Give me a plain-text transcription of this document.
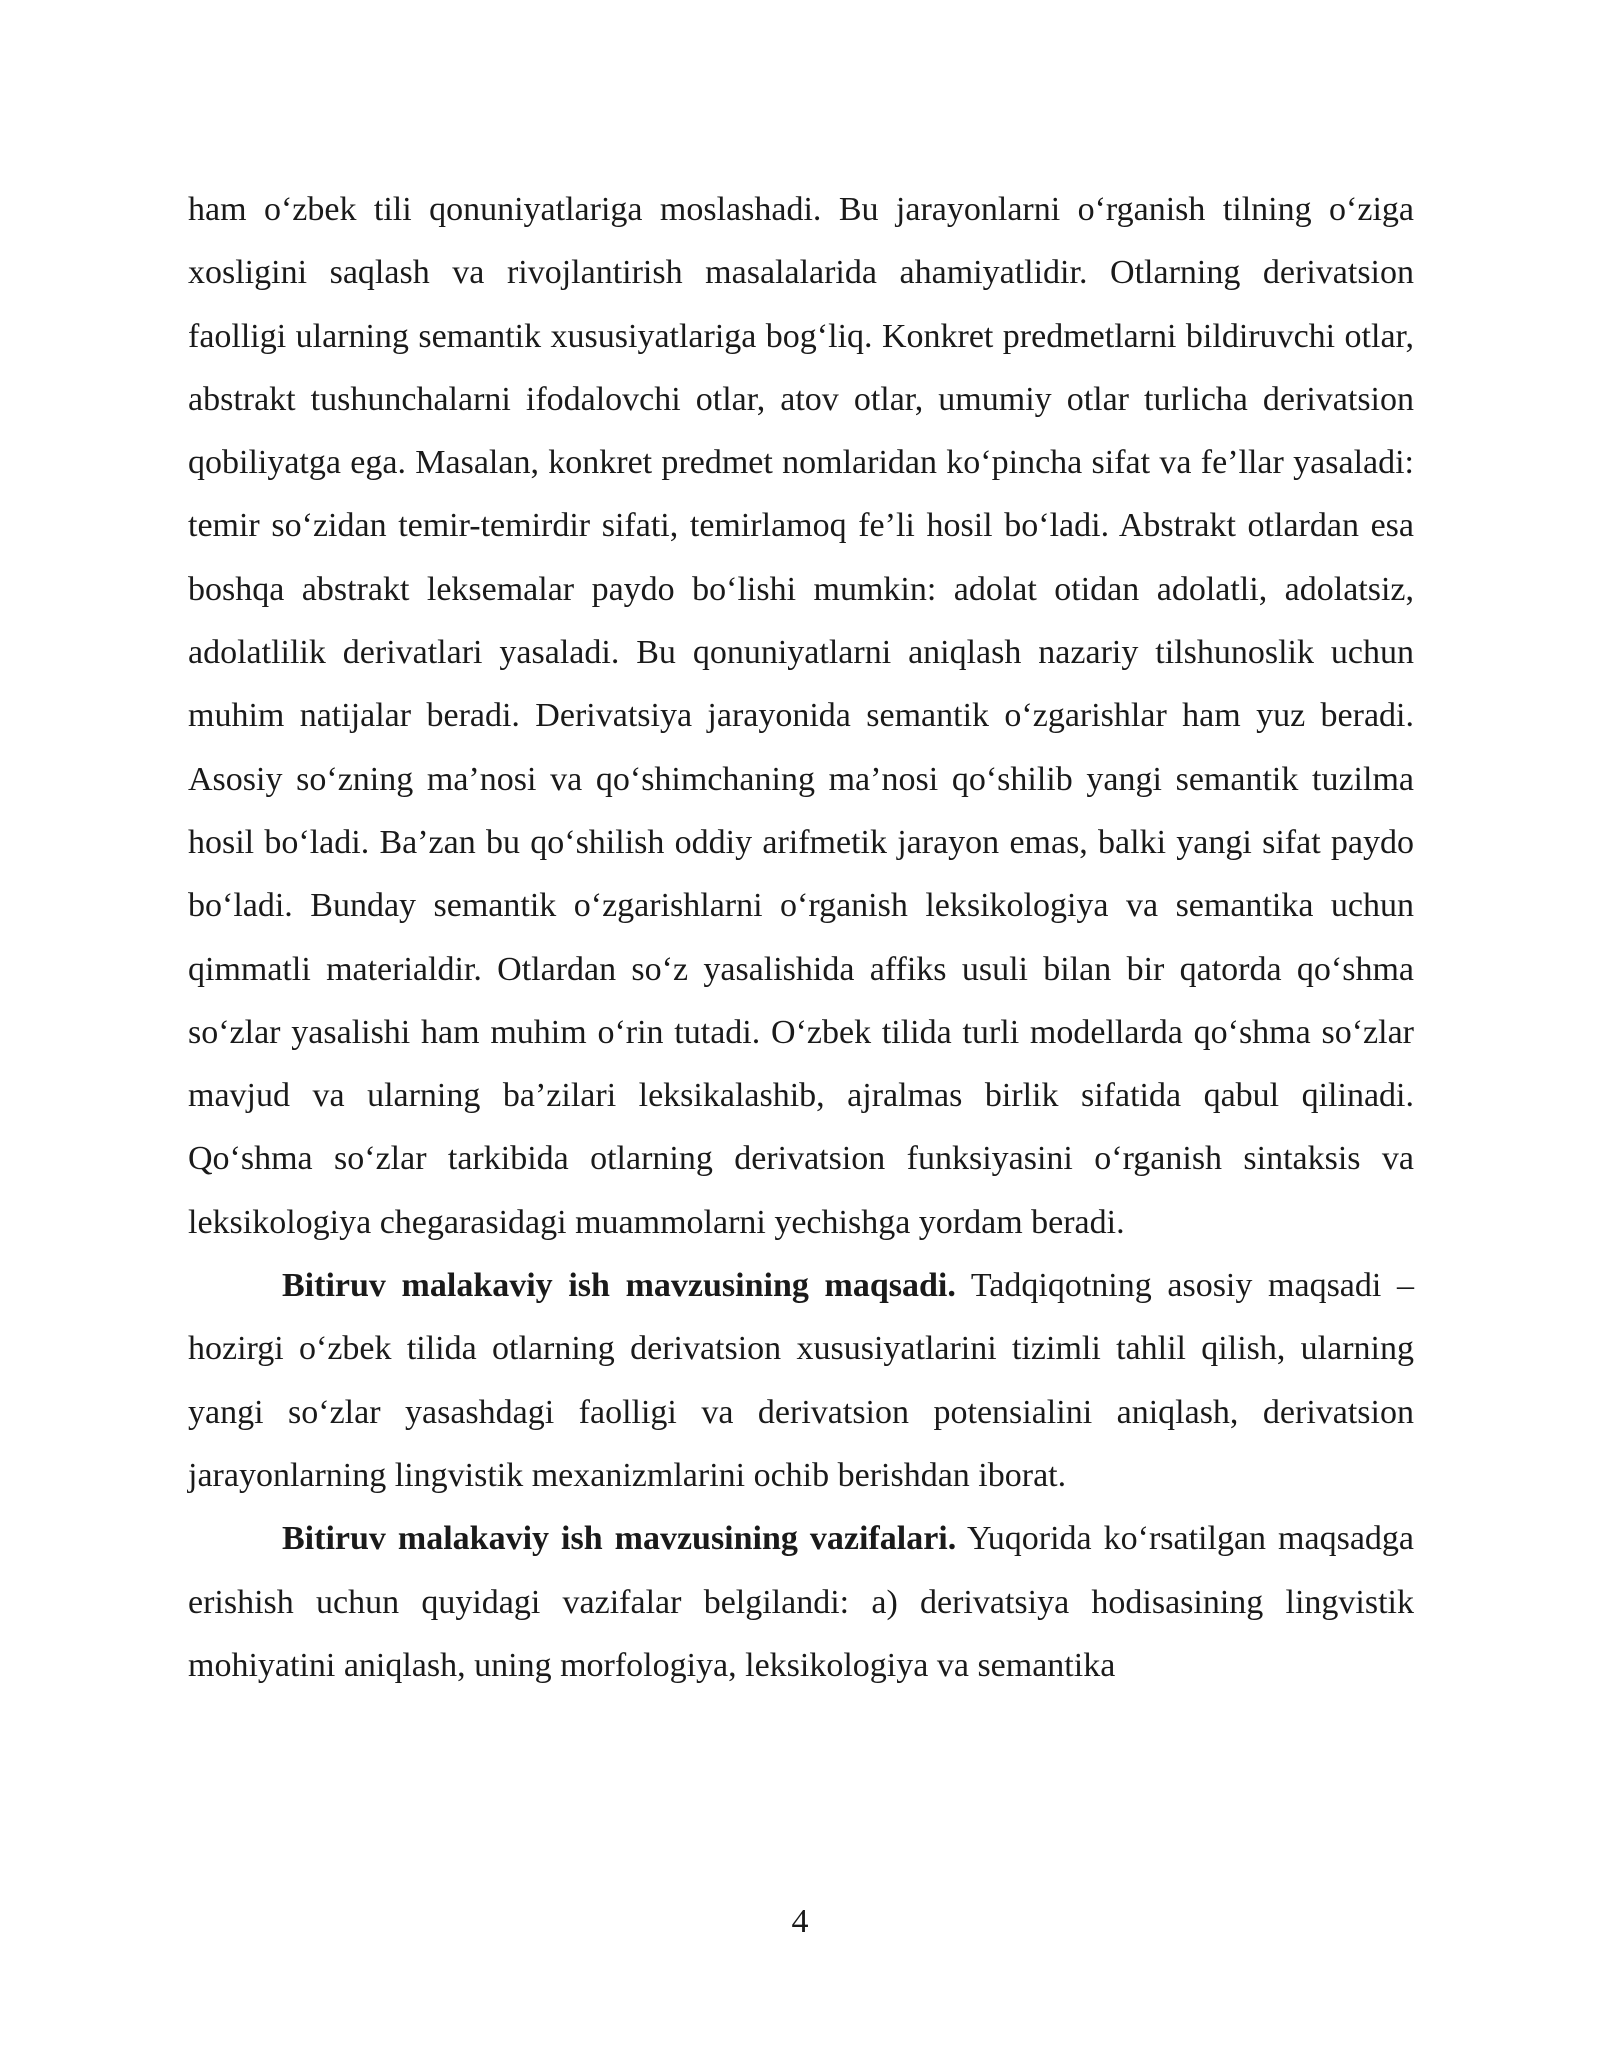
ham o‘zbek tili qonuniyatlariga moslashadi. Bu jarayonlarni o‘rganish tilning o‘ziga xosligini saqlash va rivojlantirish masalalarida ahamiyatlidir. Otlarning derivatsion faolligi ularning semantik xususiyatlariga bog‘liq. Konkret predmetlarni bildiruvchi otlar, abstrakt tushunchalarni ifodalovchi otlar, atov otlar, umumiy otlar turlicha derivatsion qobiliyatga ega. Masalan, konkret predmet nomlaridan ko‘pincha sifat va fe’llar yasaladi: temir so‘zidan temir-temirdir sifati, temirlamoq fe’li hosil bo‘ladi. Abstrakt otlardan esa boshqa abstrakt leksemalar paydo bo‘lishi mumkin: adolat otidan adolatli, adolatsiz, adolatlilik derivatlari yasaladi. Bu qonuniyatlarni aniqlash nazariy tilshunoslik uchun muhim natijalar beradi. Derivatsiya jarayonida semantik o‘zgarishlar ham yuz beradi. Asosiy so‘zning ma’nosi va qo‘shimchaning ma’nosi qo‘shilib yangi semantik tuzilma hosil bo‘ladi. Ba’zan bu qo‘shilish oddiy arifmetik jarayon emas, balki yangi sifat paydo bo‘ladi. Bunday semantik o‘zgarishlarni o‘rganish leksikologiya va semantika uchun qimmatli materialdir. Otlardan so‘z yasalishida affiks usuli bilan bir qatorda qo‘shma so‘zlar yasalishi ham muhim o‘rin tutadi. O‘zbek tilida turli modellarda qo‘shma so‘zlar mavjud va ularning ba’zilari leksikalashib, ajralmas birlik sifatida qabul qilinadi. Qo‘shma so‘zlar tarkibida otlarning derivatsion funksiyasini o‘rganish sintaksis va leksikologiya chegarasidagi muammolarni yechishga yordam beradi.

Bitiruv malakaviy ish mavzusining maqsadi. Tadqiqotning asosiy maqsadi – hozirgi o‘zbek tilida otlarning derivatsion xususiyatlarini tizimli tahlil qilish, ularning yangi so‘zlar yasashdagi faolligi va derivatsion potensialini aniqlash, derivatsion jarayonlarning lingvistik mexanizmlarini ochib berishdan iborat.

Bitiruv malakaviy ish mavzusining vazifalari. Yuqorida ko‘rsatilgan maqsadga erishish uchun quyidagi vazifalar belgilandi: a) derivatsiya hodisasining lingvistik mohiyatini aniqlash, uning morfologiya, leksikologiya va semantika

4
